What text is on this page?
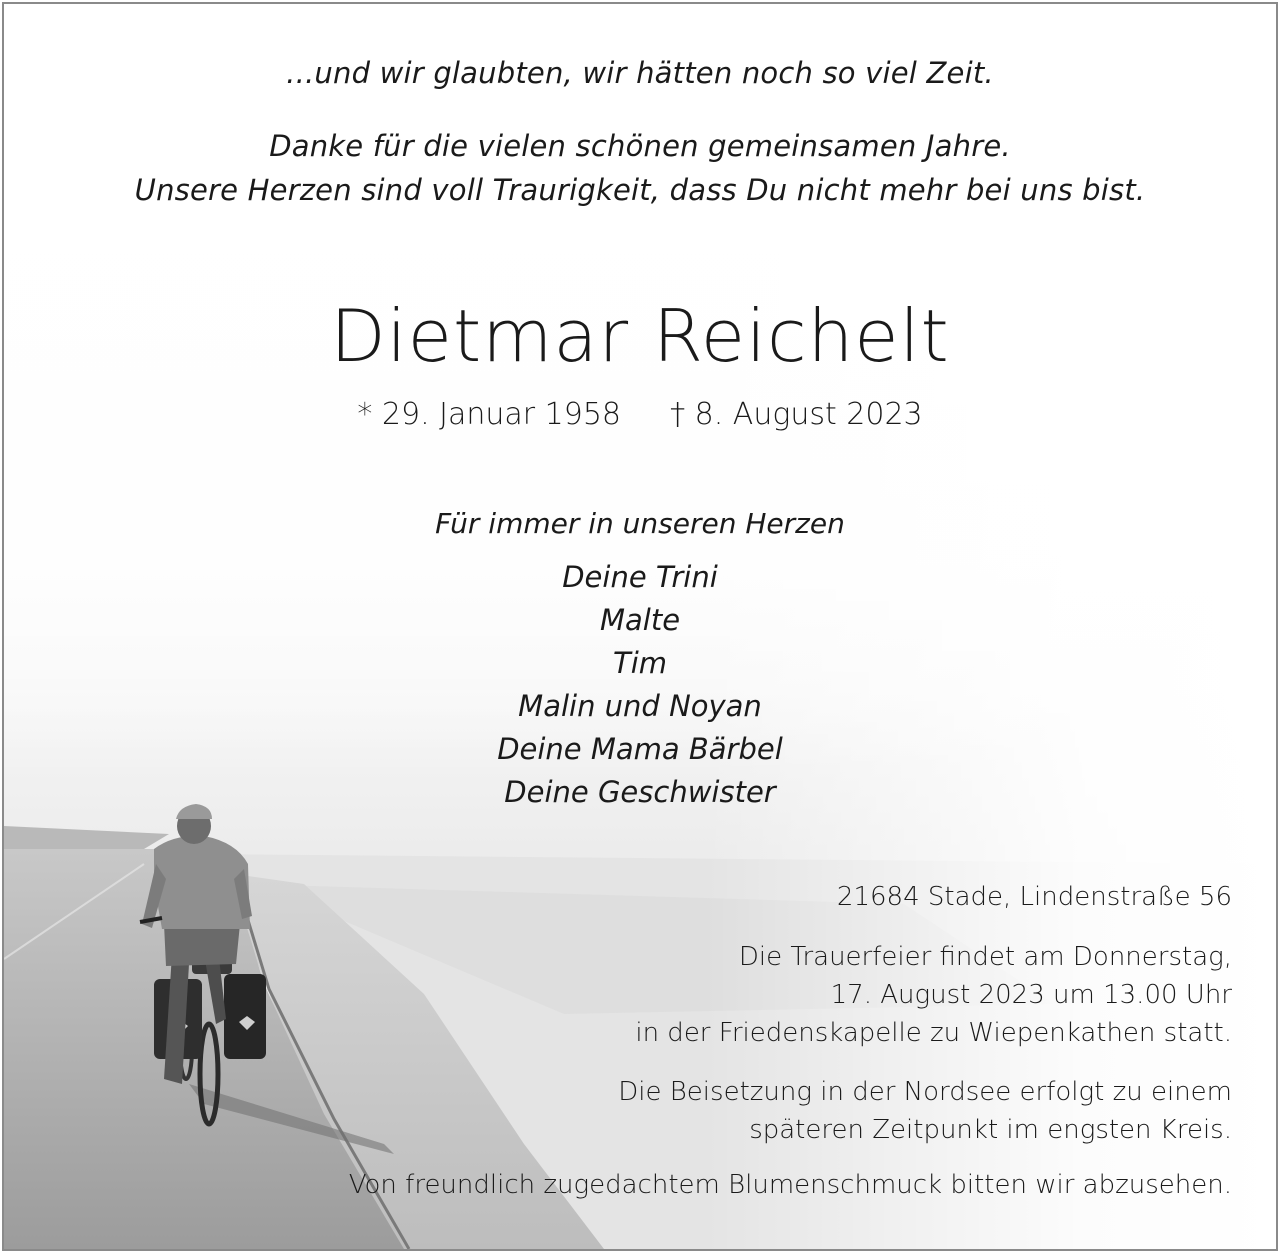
...und wir glaubten, wir hätten noch so viel Zeit.
Danke für die vielen schönen gemeinsamen Jahre.
Unsere Herzen sind voll Traurigkeit, dass Du nicht mehr bei uns bist.
Dietmar Reichelt
* 29. Januar 1958 † 8. August 2023
Für immer in unseren Herzen
Deine Trini
Malte
Tim
Malin und Noyan
Deine Mama Bärbel
Deine Geschwister
21684 Stade, Lindenstraße 56
Die Trauerfeier findet am Donnerstag,
17. August 2023 um 13.00 Uhr
in der Friedenskapelle zu Wiepenkathen statt.
Die Beisetzung in der Nordsee erfolgt zu einem
späteren Zeitpunkt im engsten Kreis.
Von freundlich zugedachtem Blumenschmuck bitten wir abzusehen.
